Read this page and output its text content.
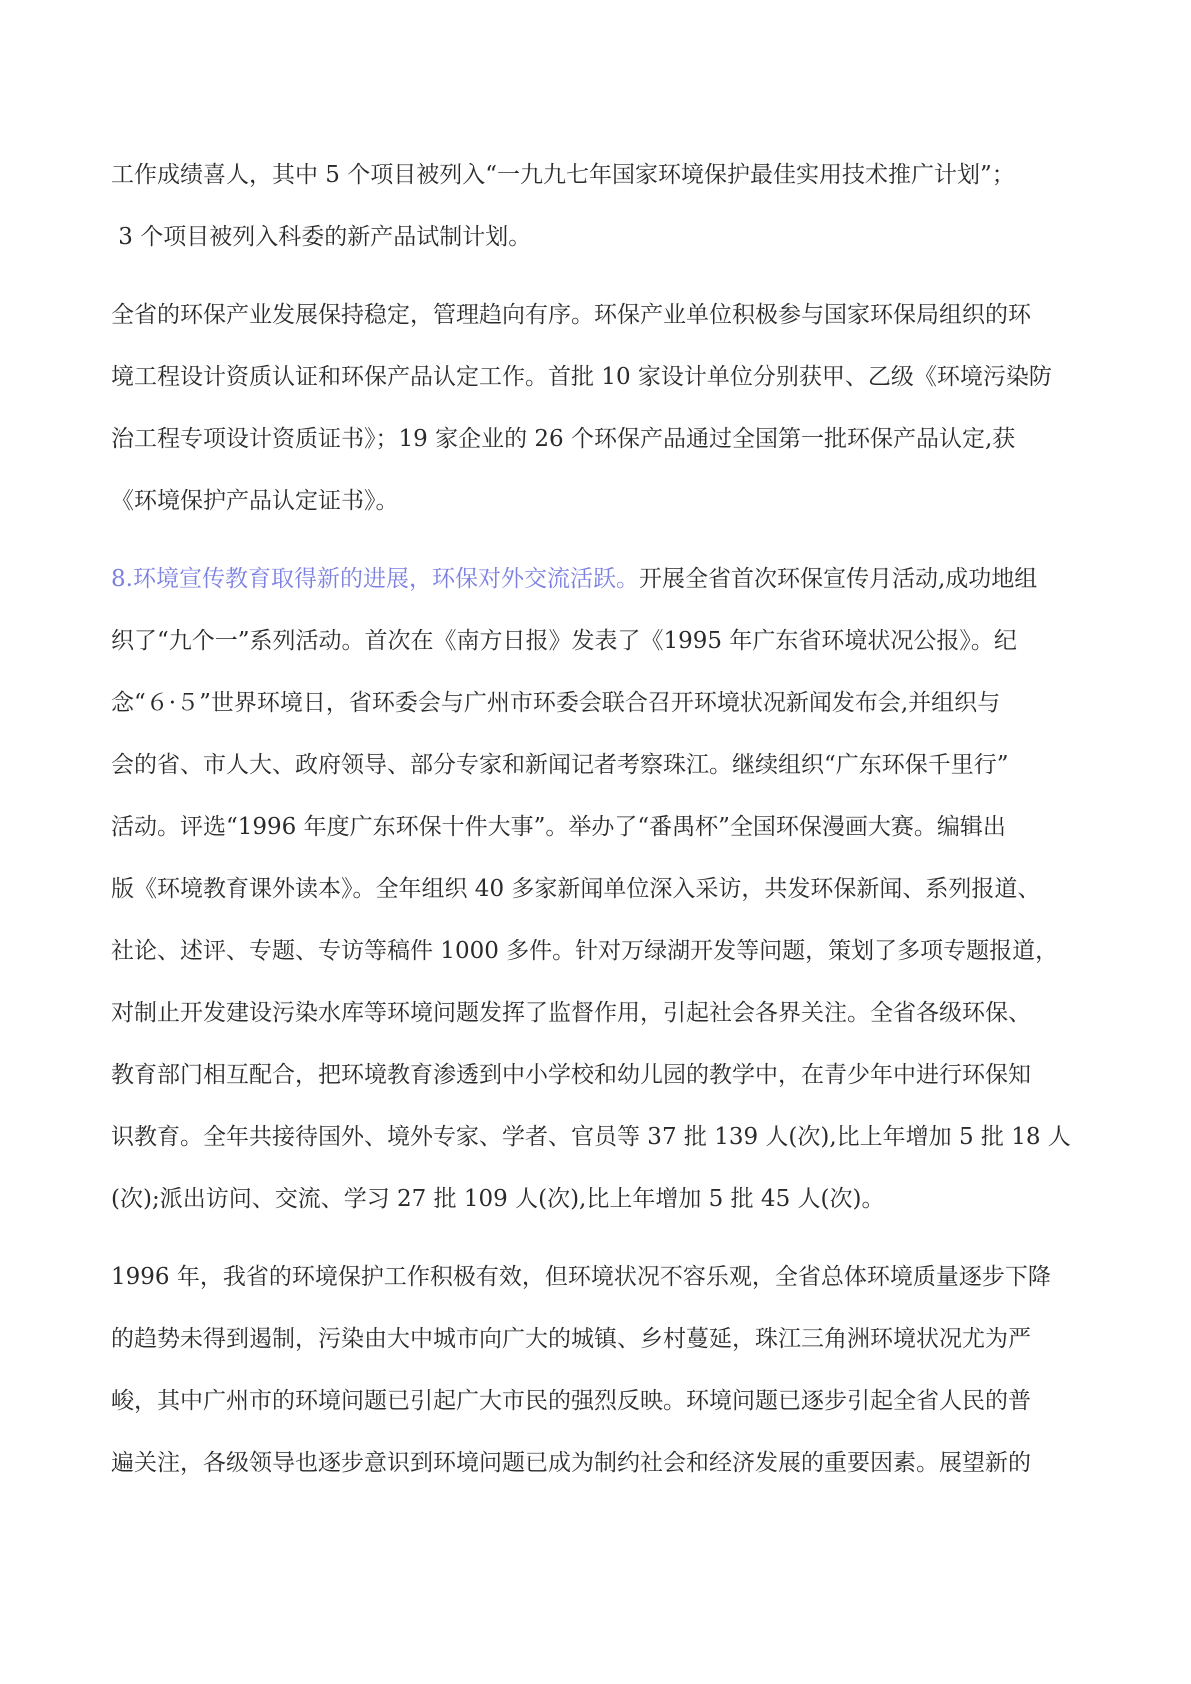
工作成绩喜人，其中 5 个项目被列入“一九九七年国家环境保护最佳实用技术推广计划”；
3 个项目被列入科委的新产品试制计划。
全省的环保产业发展保持稳定，管理趋向有序。环保产业单位积极参与国家环保局组织的环
境工程设计资质认证和环保产品认定工作。首批 10 家设计单位分别获甲、乙级《环境污染防
治工程专项设计资质证书》；19 家企业的 26 个环保产品通过全国第一批环保产品认定,获
《环境保护产品认定证书》。
8.环境宣传教育取得新的进展，环保对外交流活跃。开展全省首次环保宣传月活动,成功地组
织了“九个一”系列活动。首次在《南方日报》发表了《1995 年广东省环境状况公报》。纪
念“６·５”世界环境日，省环委会与广州市环委会联合召开环境状况新闻发布会,并组织与
会的省、市人大、政府领导、部分专家和新闻记者考察珠江。继续组织“广东环保千里行”
活动。评选“1996 年度广东环保十件大事”。举办了“番禺杯”全国环保漫画大赛。编辑出
版《环境教育课外读本》。全年组织 40 多家新闻单位深入采访，共发环保新闻、系列报道、
社论、述评、专题、专访等稿件 1000 多件。针对万绿湖开发等问题，策划了多项专题报道，
对制止开发建设污染水库等环境问题发挥了监督作用，引起社会各界关注。全省各级环保、
教育部门相互配合，把环境教育渗透到中小学校和幼儿园的教学中，在青少年中进行环保知
识教育。全年共接待国外、境外专家、学者、官员等 37 批 139 人(次),比上年增加 5 批 18 人
(次);派出访问、交流、学习 27 批 109 人(次),比上年增加 5 批 45 人(次)。
1996 年，我省的环境保护工作积极有效，但环境状况不容乐观，全省总体环境质量逐步下降
的趋势未得到遏制，污染由大中城市向广大的城镇、乡村蔓延，珠江三角洲环境状况尤为严
峻，其中广州市的环境问题已引起广大市民的强烈反映。环境问题已逐步引起全省人民的普
遍关注，各级领导也逐步意识到环境问题已成为制约社会和经济发展的重要因素。展望新的
